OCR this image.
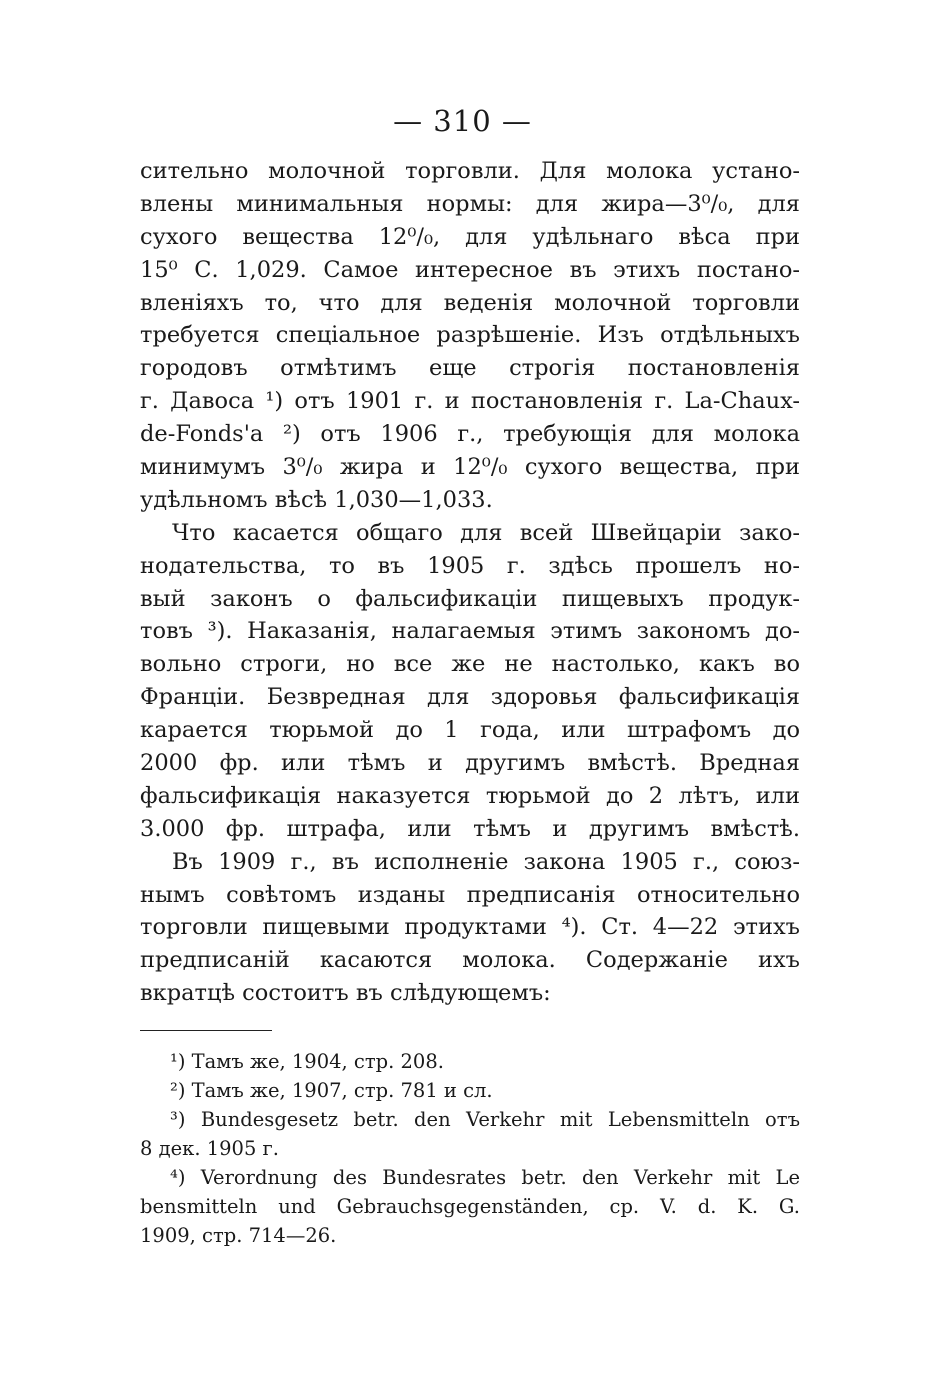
— 310 —
сительно молочной торговли. Для молока устано-
влены минимальныя нормы: для жира—3⁰/₀, для
сухого вещества 12⁰/₀, для удѣльнаго вѣса при
15⁰ С. 1,029. Самое интересное въ этихъ постано-
вленіяхъ то, что для веденія молочной торговли
требуется спеціальное разрѣшеніе. Изъ отдѣльныхъ
городовъ отмѣтимъ еще строгія постановленія
г. Давоса ¹) отъ 1901 г. и постановленія г. La-Chaux-
de-Fonds'a ²) отъ 1906 г., требующія для молока
минимумъ 3⁰/₀ жира и 12⁰/₀ сухого вещества, при
удѣльномъ вѣсѣ 1,030—1,033.
Что касается общаго для всей Швейцаріи зако-
нодательства, то въ 1905 г. здѣсь прошелъ но-
вый законъ о фальсификаціи пищевыхъ продук-
товъ ³). Наказанія, налагаемыя этимъ закономъ до-
вольно строги, но все же не настолько, какъ во
Франціи. Безвредная для здоровья фальсификація
карается тюрьмой до 1 года, или штрафомъ до
2000 фр. или тѣмъ и другимъ вмѣстѣ. Вредная
фальсификація наказуется тюрьмой до 2 лѣтъ, или
3.000 фр. штрафа, или тѣмъ и другимъ вмѣстѣ.
Въ 1909 г., въ исполненіе закона 1905 г., союз-
нымъ совѣтомъ изданы предписанія относительно
торговли пищевыми продуктами ⁴). Ст. 4—22 этихъ
предписаній касаются молока. Содержаніе ихъ
вкратцѣ состоитъ въ слѣдующемъ:
¹) Тамъ же, 1904, стр. 208.
²) Тамъ же, 1907, стр. 781 и сл.
³) Bundesgesetz betr. den Verkehr mit Lebensmitteln отъ
8 дек. 1905 г.
⁴) Verordnung des Bundesrates betr. den Verkehr mit Le
bensmitteln und Gebrauchsgegenständen, ср. V. d. K. G.
1909, стр. 714—26.
